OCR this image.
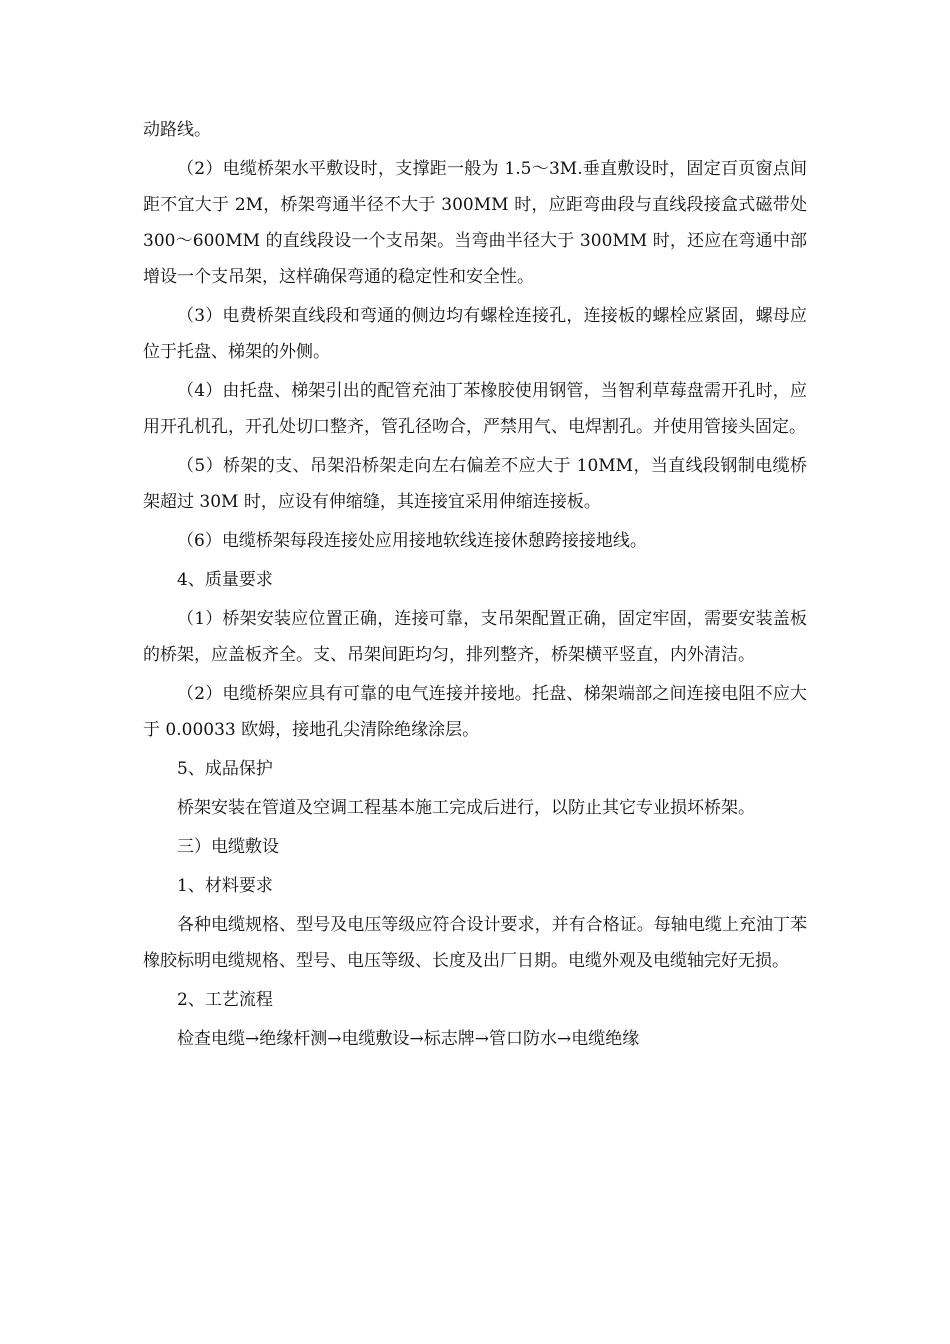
动路线。

（2）电缆桥架水平敷设时，支撑距一般为 1.5～3M.垂直敷设时，固定百页窗点间距不宜大于 2M，桥架弯通半径不大于 300MM 时，应距弯曲段与直线段接盒式磁带处 300～600MM 的直线段设一个支吊架。当弯曲半径大于 300MM 时，还应在弯通中部增设一个支吊架，这样确保弯通的稳定性和安全性。

（3）电费桥架直线段和弯通的侧边均有螺栓连接孔，连接板的螺栓应紧固，螺母应位于托盘、梯架的外侧。

（4）由托盘、梯架引出的配管充油丁苯橡胶使用钢管，当智利草莓盘需开孔时，应用开孔机孔，开孔处切口整齐，管孔径吻合，严禁用气、电焊割孔。并使用管接头固定。

（5）桥架的支、吊架沿桥架走向左右偏差不应大于 10MM，当直线段钢制电缆桥架超过 30M 时，应设有伸缩缝，其连接宜采用伸缩连接板。

（6）电缆桥架每段连接处应用接地软线连接休憩跨接接地线。

4、质量要求

（1）桥架安装应位置正确，连接可靠，支吊架配置正确，固定牢固，需要安装盖板的桥架，应盖板齐全。支、吊架间距均匀，排列整齐，桥架横平竖直，内外清洁。

（2）电缆桥架应具有可靠的电气连接并接地。托盘、梯架端部之间连接电阻不应大于 0.00033 欧姆，接地孔尖清除绝缘涂层。

5、成品保护

桥架安装在管道及空调工程基本施工完成后进行，以防止其它专业损坏桥架。

三）电缆敷设

1、材料要求

各种电缆规格、型号及电压等级应符合设计要求，并有合格证。每轴电缆上充油丁苯橡胶标明电缆规格、型号、电压等级、长度及出厂日期。电缆外观及电缆轴完好无损。

2、工艺流程

检查电缆→绝缘杆测→电缆敷设→标志牌→管口防水→电缆绝缘
